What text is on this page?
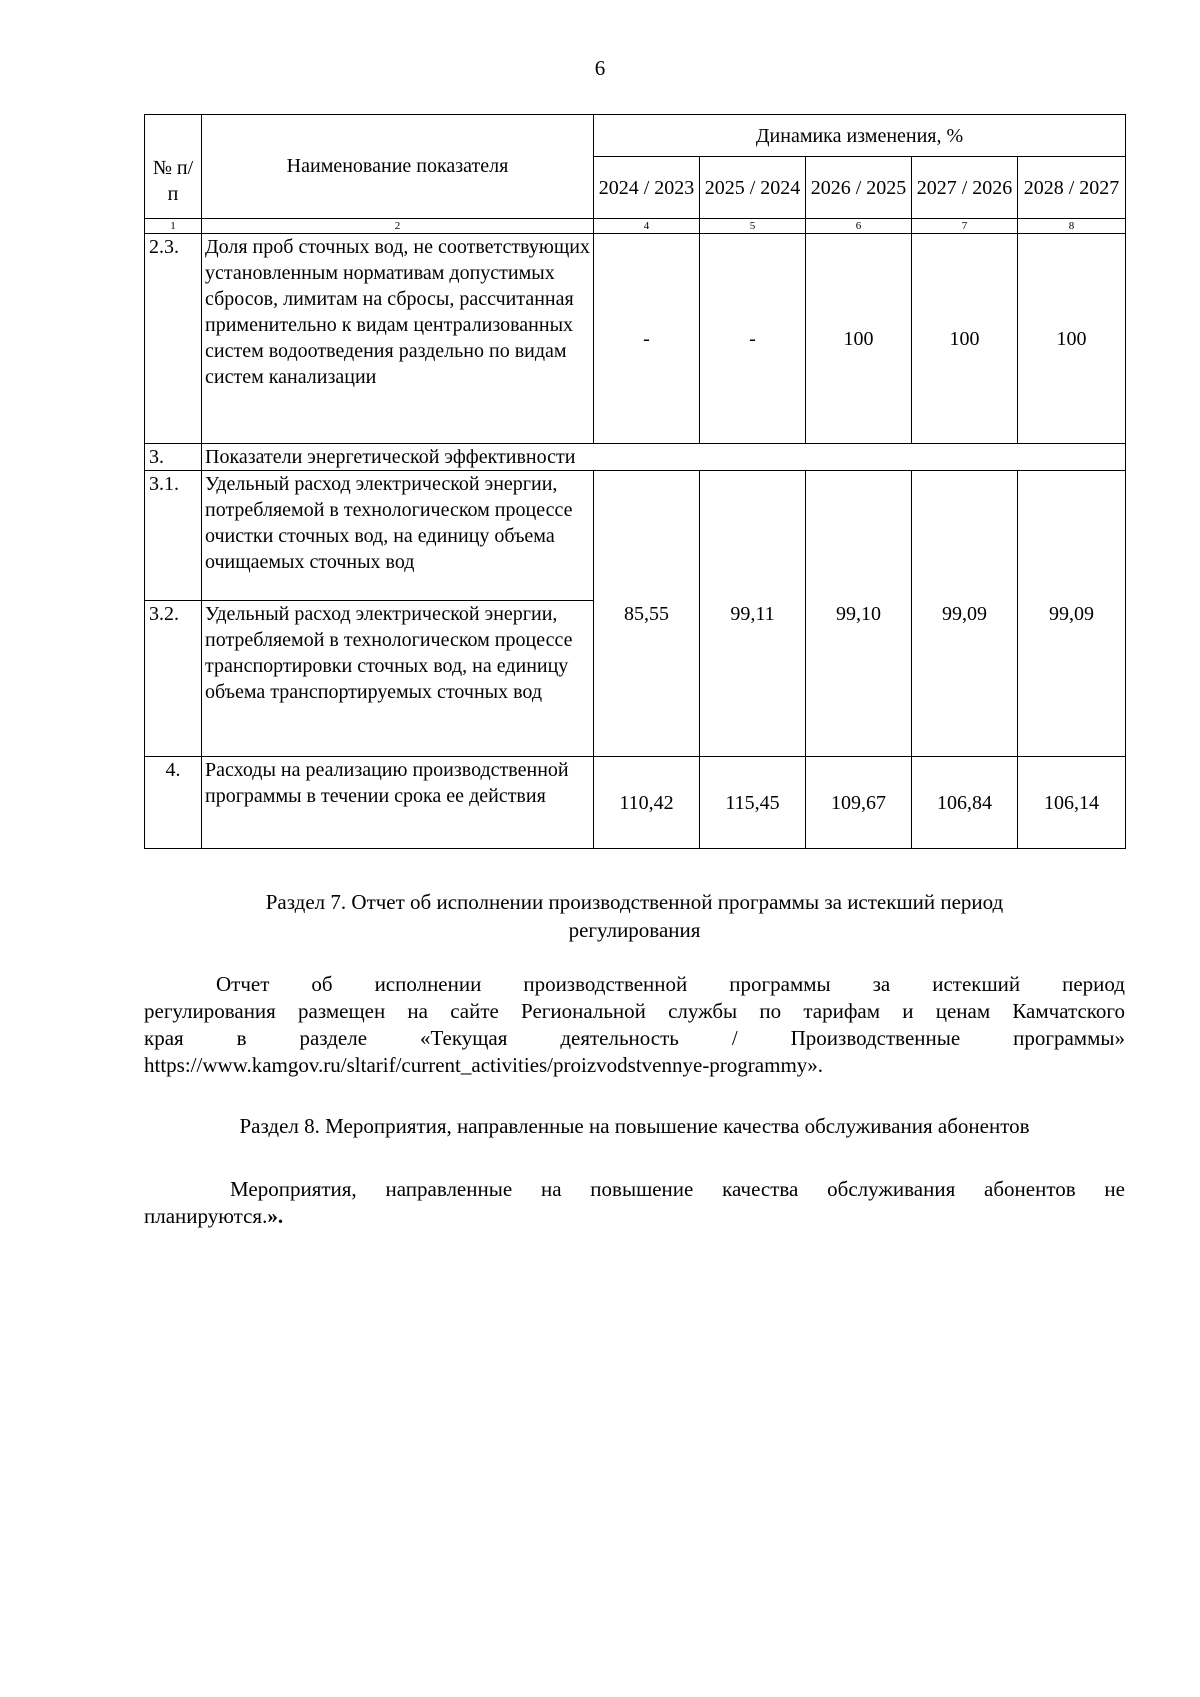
6
№ п/п	Наименование показателя	Динамика изменения, %				
		2024 / 2023	2025 / 2024	2026 / 2025	2027 / 2026	2028 / 2027
1	2	4	5	6	7	8
2.3.	Доля проб сточных вод, не соответствующих установленным нормативам допустимых сбросов, лимитам на сбросы, рассчитанная применительно к видам централизованных систем водоотведения раздельно по видам систем канализации	-	-	100	100	100
3.	Показатели энергетической эффективности					
3.1.	Удельный расход электрической энергии, потребляемой в технологическом процессе очистки сточных вод, на единицу объема очищаемых сточных вод	85,55	99,11	99,10	99,09	99,09
3.2.	Удельный расход электрической энергии, потребляемой в технологическом процессе транспортировки сточных вод, на единицу объема транспортируемых сточных вод					
4.	Расходы на реализацию производственной программы в течении срока ее действия	110,42	115,45	109,67	106,84	106,14
Раздел 7. Отчет об исполнении производственной программы за истекший период
регулирования
Отчет об исполнении производственной программы за истекший период
регулирования размещен на сайте Региональной службы по тарифам и ценам Камчатского
края в разделе «Текущая деятельность / Производственные программы»
https://www.kamgov.ru/sltarif/current_activities/proizvodstvennye-programmy».
Раздел 8. Мероприятия, направленные на повышение качества обслуживания абонентов
Мероприятия, направленные на повышение качества обслуживания абонентов не
планируются.».
